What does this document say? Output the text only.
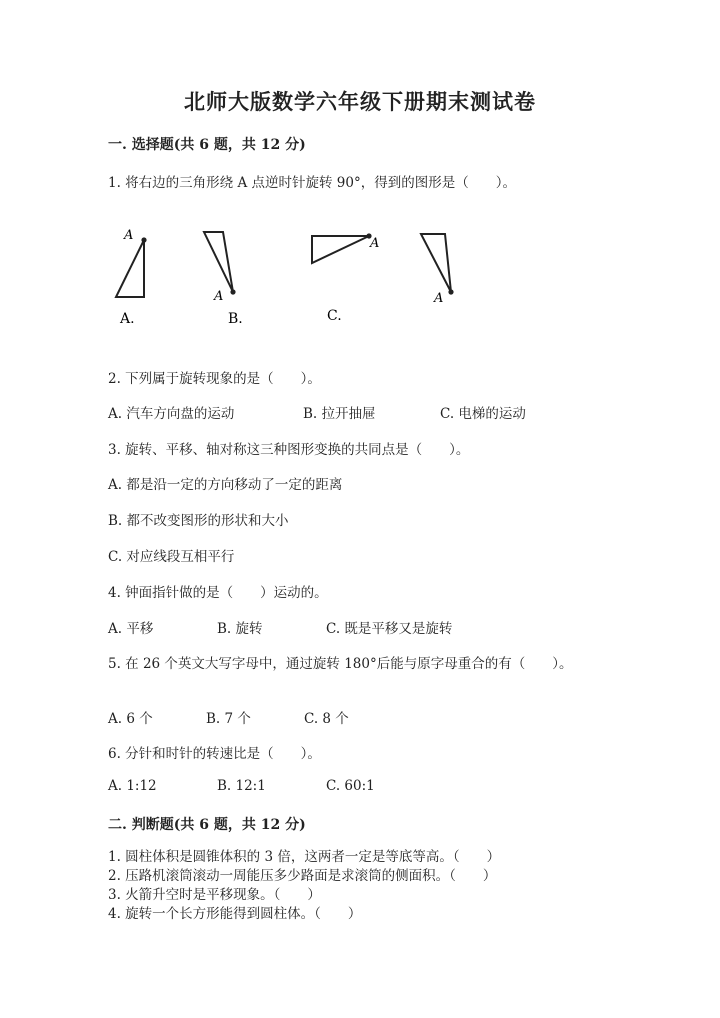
北师大版数学六年级下册期末测试卷
一. 选择题(共 6 题，共 12 分)
1. 将右边的三角形绕 A 点逆时针旋转 90°，得到的图形是（　　）。
A
A.
A
B.
A
C.
A
2. 下列属于旋转现象的是（　　）。
A. 汽车方向盘的运动	B. 拉开抽屉	C. 电梯的运动
3. 旋转、平移、轴对称这三种图形变换的共同点是（　　）。
A. 都是沿一定的方向移动了一定的距离
B. 都不改变图形的形状和大小
C. 对应线段互相平行
4. 钟面指针做的是（　　）运动的。
A. 平移	B. 旋转	C. 既是平移又是旋转
5. 在 26 个英文大写字母中，通过旋转 180°后能与原字母重合的有（　　）。
A. 6 个	B. 7 个	C. 8 个
6. 分针和时针的转速比是（　　）。
A. 1:12	B. 12:1	C. 60:1
二. 判断题(共 6 题，共 12 分)
1. 圆柱体积是圆锥体积的 3 倍，这两者一定是等底等高。（　　）
2. 压路机滚筒滚动一周能压多少路面是求滚筒的侧面积。（　　）
3. 火箭升空时是平移现象。（　　）
4. 旋转一个长方形能得到圆柱体。（　　）
